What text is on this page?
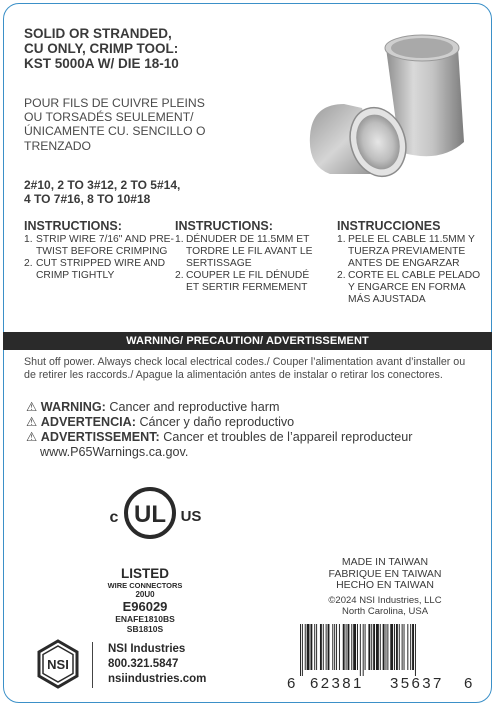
SOLID OR STRANDED,
CU ONLY, CRIMP TOOL:
KST 5000A W/ DIE 18-10
POUR FILS DE CUIVRE PLEINS
OU TORSADÉS SEULEMENT/
ÚNICAMENTE CU. SENCILLO O
TRENZADO
2#10, 2 TO 3#12, 2 TO 5#14,
4 TO 7#16, 8 TO 10#18
INSTRUCTIONS:
1. STRIP WIRE 7/16" AND PRE-TWIST BEFORE CRIMPING
2. CUT STRIPPED WIRE AND CRIMP TIGHTLY
INSTRUCTIONS:
1. DÉNUDER DE 11.5MM ET TORDRE LE FIL AVANT LE SERTISSAGE
2. COUPER LE FIL DÉNUDÉ ET SERTIR FERMEMENT
INSTRUCCIONES
1. PELE EL CABLE 11.5MM Y TUERZA PREVIAMENTE ANTES DE ENGARZAR
2. CORTE EL CABLE PELADO Y ENGARCE EN FORMA MÁS AJUSTADA
WARNING/ PRECAUTION/ ADVERTISSEMENT
Shut off power. Always check local electrical codes./ Couper l’alimentation avant d’installer ou de retirer les raccords./ Apague la alimentación antes de instalar o retirar los conectores.
⚠ WARNING: Cancer and reproductive harm
⚠ ADVERTENCIA: Cáncer y daño reproductivo
⚠ ADVERTISSEMENT: Cancer et troubles de l’appareil reproducteur
www.P65Warnings.ca.gov.
UL
c	US
LISTED
WIRE CONNECTORS
20U0
E96029
ENAFE1810BS
SB1810S
MADE IN TAIWAN
FABRIQUE EN TAIWAN
HECHO EN TAIWAN
©2024 NSI Industries, LLC
North Carolina, USA
6 62381 35637 6
NSI
NSI Industries
800.321.5847
nsiindustries.com
